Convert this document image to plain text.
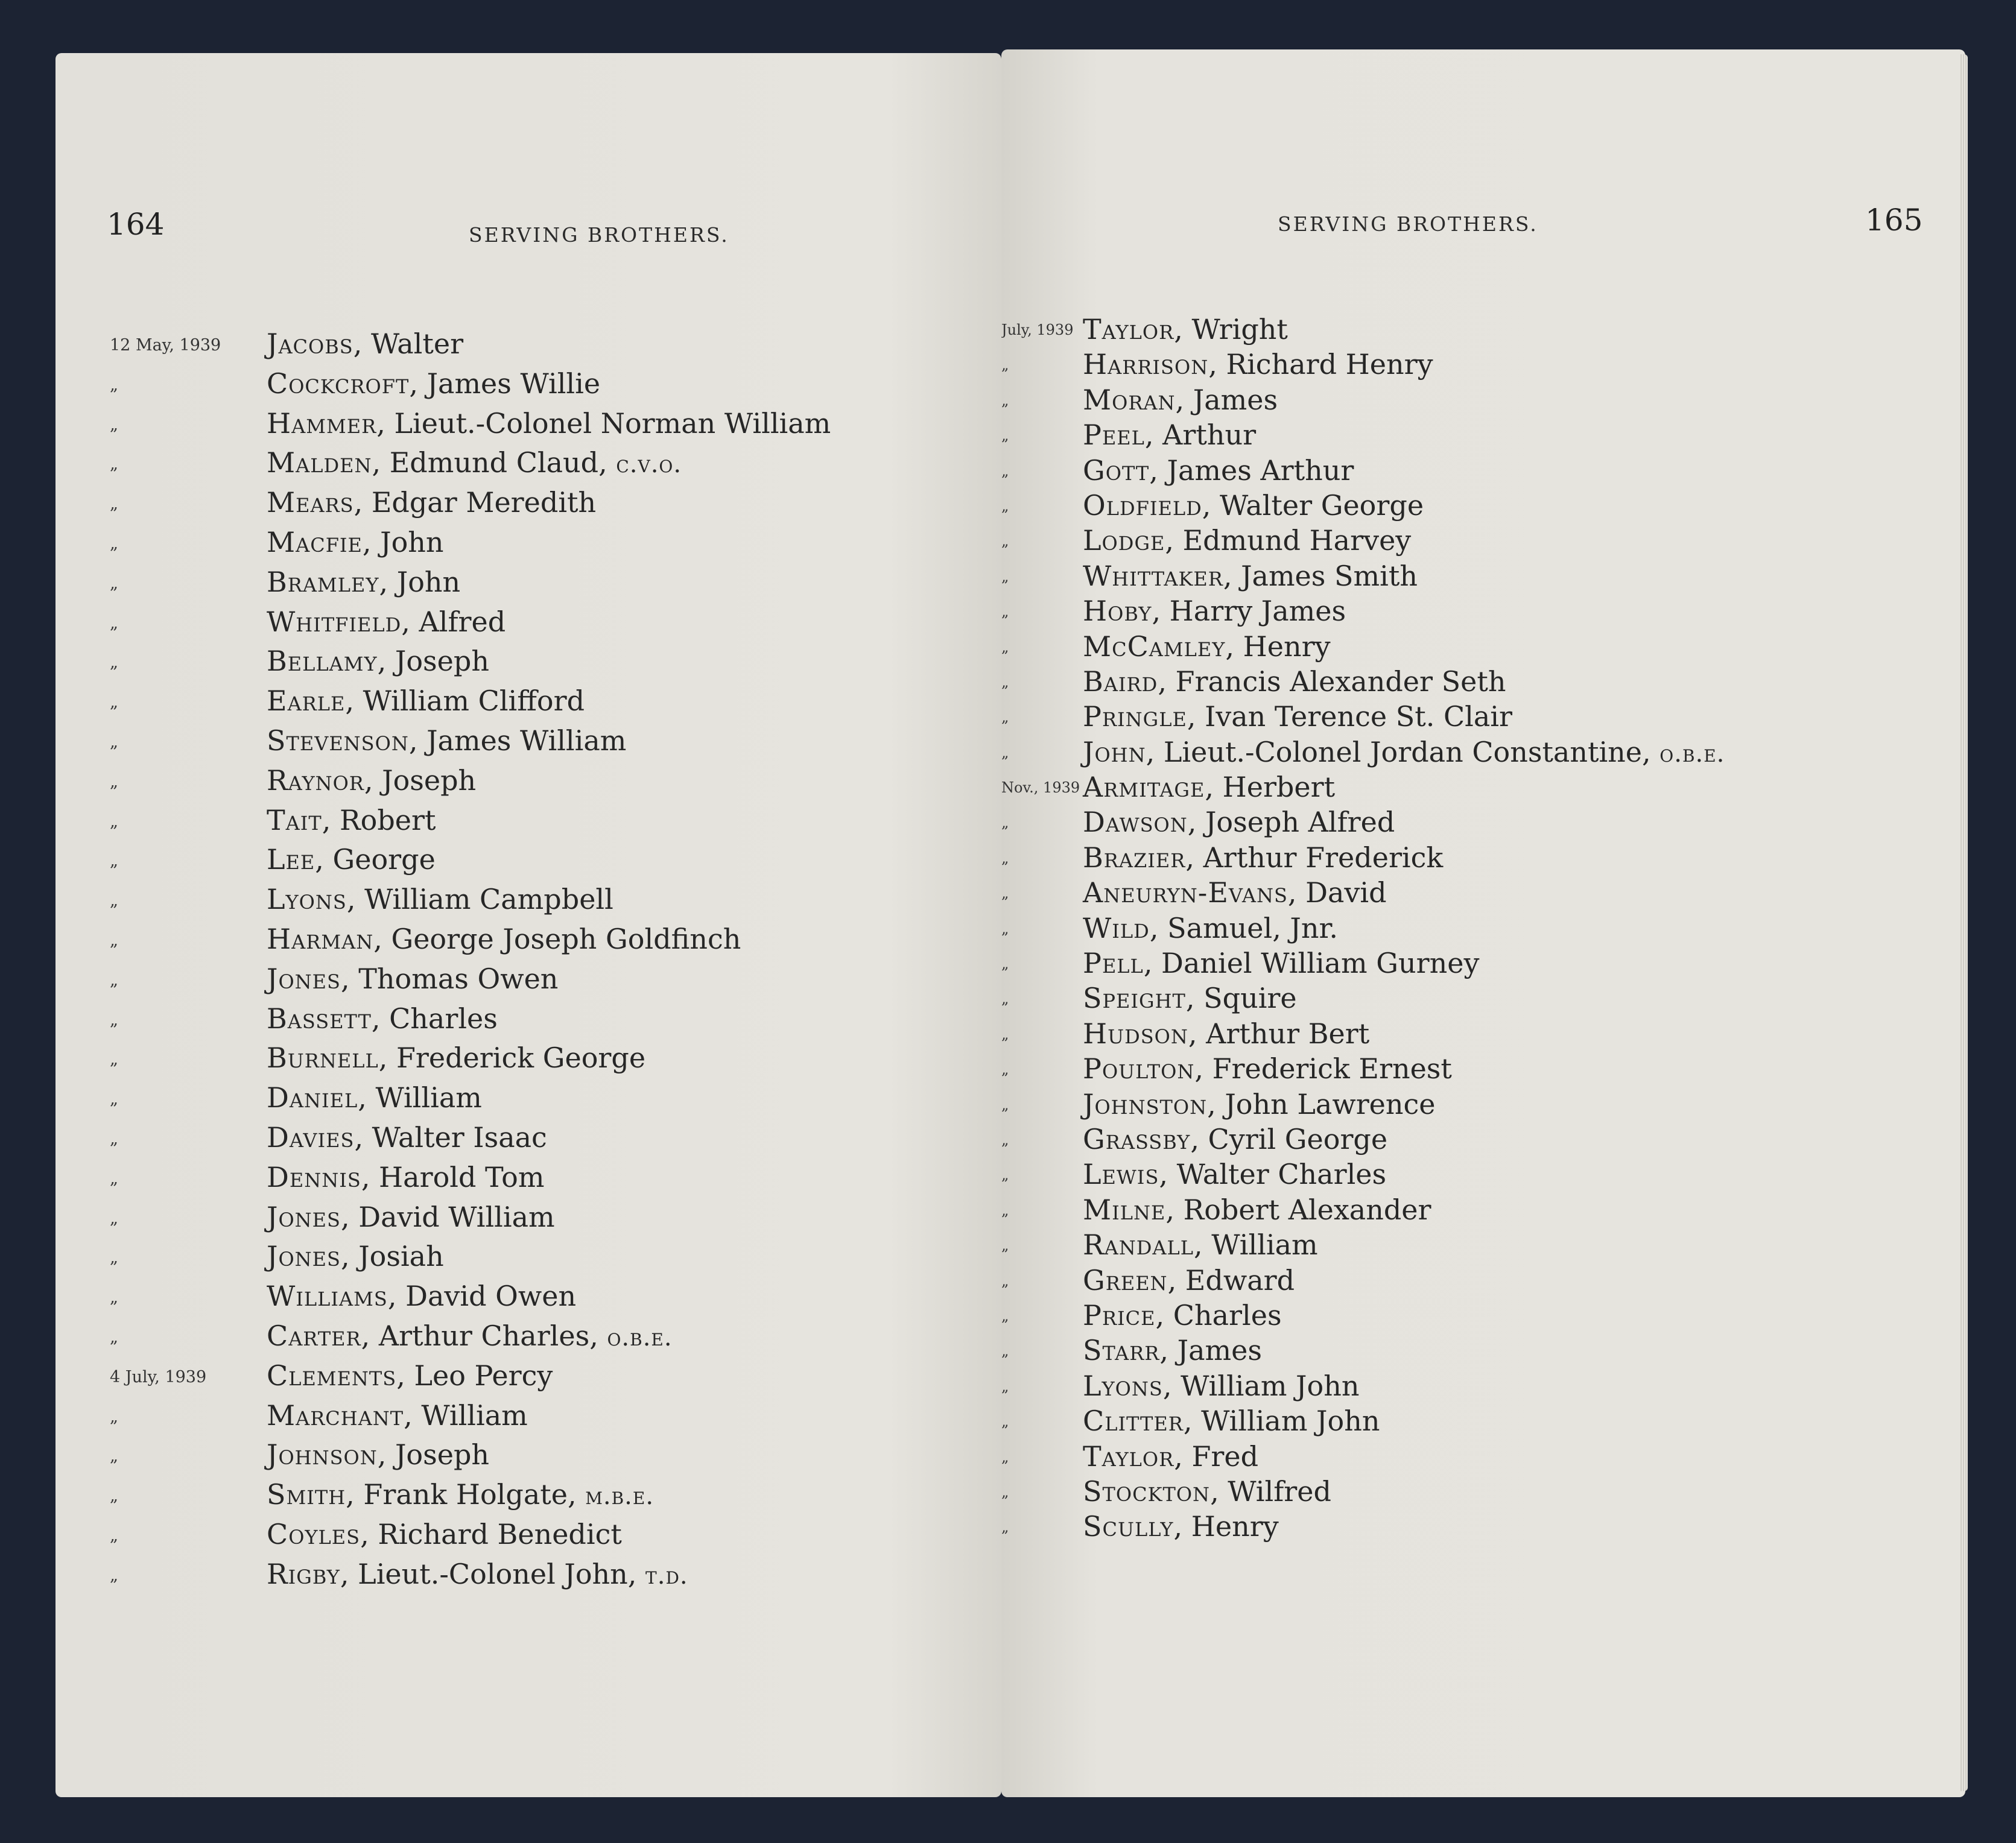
164	SERVING BROTHERS.
12 May, 1939 Jacobs, Walter
„	Cockcroft, James Willie
„	Hammer, Lieut.-Colonel Norman William
„	Malden, Edmund Claud, c.v.o.
„	Mears, Edgar Meredith
„	Macfie, John
„	Bramley, John
„	Whitfield, Alfred
„	Bellamy, Joseph
„	Earle, William Clifford
„	Stevenson, James William
„	Raynor, Joseph
„	Tait, Robert
„	Lee, George
„	Lyons, William Campbell
„	Harman, George Joseph Goldfinch
„	Jones, Thomas Owen
„	Bassett, Charles
„	Burnell, Frederick George
„	Daniel, William
„	Davies, Walter Isaac
„	Dennis, Harold Tom
„	Jones, David William
„	Jones, Josiah
„	Williams, David Owen
„	Carter, Arthur Charles, o.b.e.
4 July, 1939 Clements, Leo Percy
„	Marchant, William
„	Johnson, Joseph
„	Smith, Frank Holgate, m.b.e.
„	Coyles, Richard Benedict
„	Rigby, Lieut.-Colonel John, t.d.
SERVING BROTHERS.	165
July, 1939 Taylor, Wright
„	Harrison, Richard Henry
„	Moran, James
„	Peel, Arthur
„	Gott, James Arthur
„	Oldfield, Walter George
„	Lodge, Edmund Harvey
„	Whittaker, James Smith
„	Hoby, Harry James
„	McCamley, Henry
„	Baird, Francis Alexander Seth
„	Pringle, Ivan Terence St. Clair
„	John, Lieut.-Colonel Jordan Constantine, o.b.e.
Nov., 1939 Armitage, Herbert
„	Dawson, Joseph Alfred
„	Brazier, Arthur Frederick
„	Aneuryn-Evans, David
„	Wild, Samuel, Jnr.
„	Pell, Daniel William Gurney
„	Speight, Squire
„	Hudson, Arthur Bert
„	Poulton, Frederick Ernest
„	Johnston, John Lawrence
„	Grassby, Cyril George
„	Lewis, Walter Charles
„	Milne, Robert Alexander
„	Randall, William
„	Green, Edward
„	Price, Charles
„	Starr, James
„	Lyons, William John
„	Clitter, William John
„	Taylor, Fred
„	Stockton, Wilfred
„	Scully, Henry
